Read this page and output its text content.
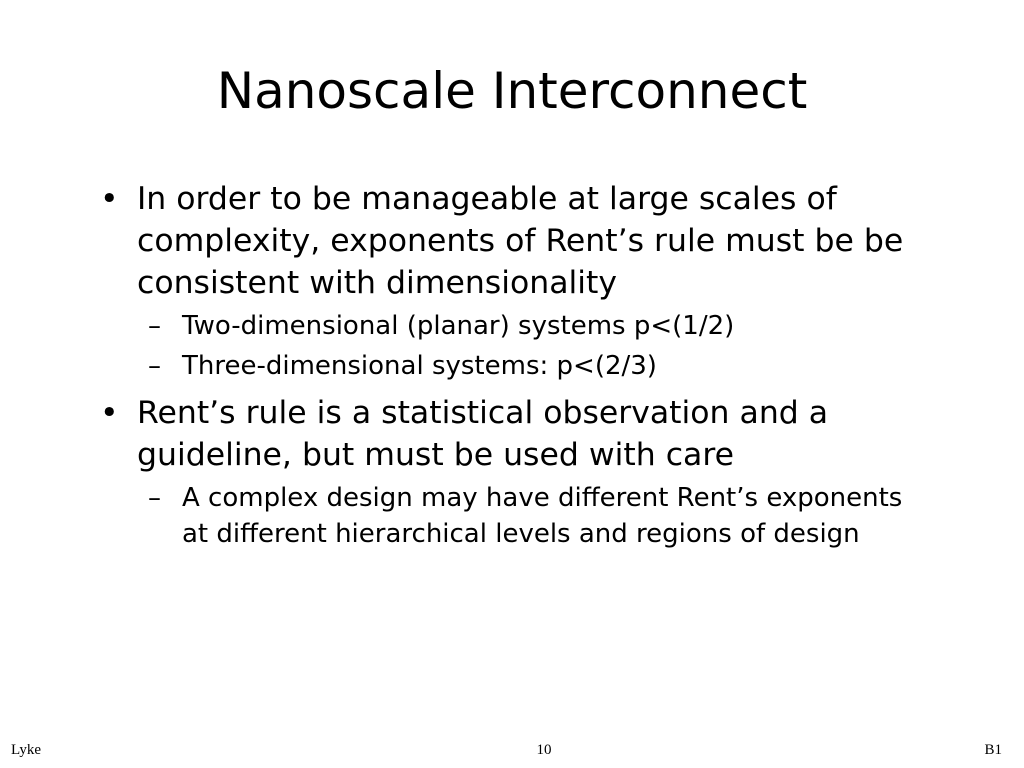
Nanoscale Interconnect
• In order to be manageable at large scales of complexity, exponents of Rent’s rule must be be consistent with dimensionality
– Two-dimensional (planar) systems p<(1/2)
– Three-dimensional systems: p<(2/3)
• Rent’s rule is a statistical observation and a guideline, but must be used with care
– A complex design may have different Rent’s exponents at different hierarchical levels and regions of design
Lyke	10	B1
